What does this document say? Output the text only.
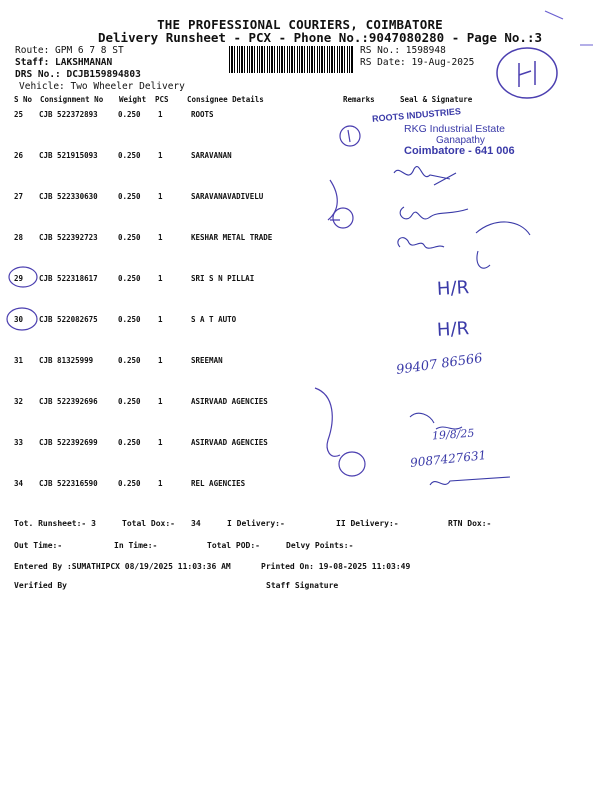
THE PROFESSIONAL COURIERS, COIMBATORE
Delivery Runsheet - PCX - Phone No.:9047080280 - Page No.:3
Route: GPM 6 7 8 ST
Staff: LAKSHMANAN
DRS No.: DCJB159894803
Vehicle: Two Wheeler Delivery
RS No.: 1598948
RS Date: 19-Aug-2025
S No Consignment No Weight PCS Consignee Details	Remarks	Seal & Signature
25 CJB 522372893	0.250 1	ROOTS
26 CJB 521915093	0.250 1	SARAVANAN
27 CJB 522330630	0.250 1	SARAVANAVADIVELU
28 CJB 522392723	0.250 1	KESHAR METAL TRADE
29 CJB 522318617	0.250 1	SRI S N PILLAI
30 CJB 522082675	0.250 1	S A T AUTO
31 CJB 81325999	0.250 1	SREEMAN
32 CJB 522392696	0.250 1	ASIRVAAD AGENCIES
33 CJB 522392699	0.250 1	ASIRVAAD AGENCIES
34 CJB 522316590	0.250 1	REL AGENCIES
ROOTS INDUSTRIES
RKG Industrial Estate
Ganapathy
Coimbatore - 641 006
H/R
H/R
99407 86566
19/8/25
9087427631
Tot. Runsheet:- 3	Total Dox:- 34	I Delivery:-	II Delivery:-	RTN Dox:-
Out Time:-	In Time:-	Total POD:-	Delvy Points:-
Entered By :SUMATHIPCX 08/19/2025 11:03:36 AM	Printed On: 19-08-2025 11:03:49
Verified By	Staff Signature
